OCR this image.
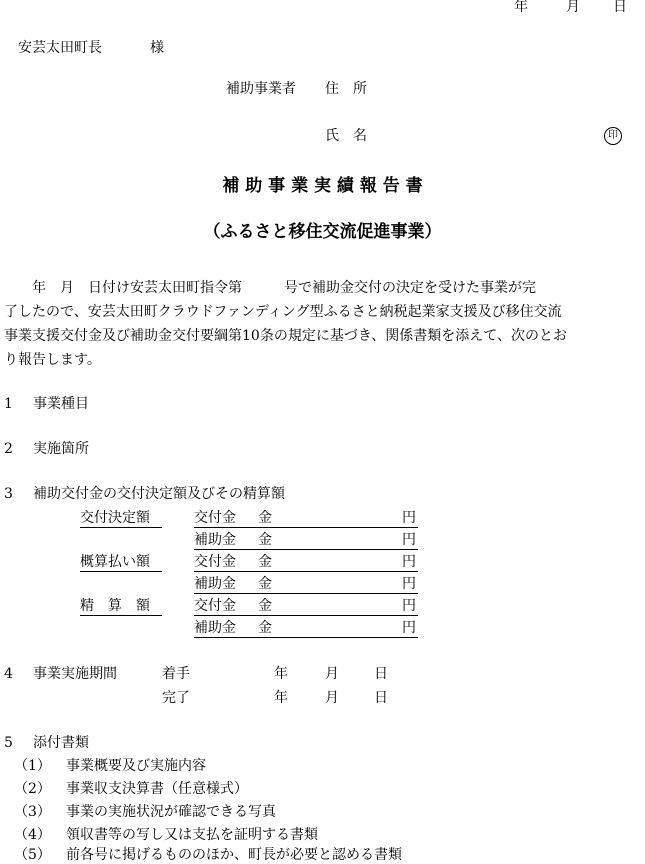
年	月 日
安芸太田町長	様
補助事業者 住　所
氏　名	印
補 助 事 業 実 績 報 告 書
（ふるさと移住交流促進事業）

　　年　月　日付け安芸太田町指令第　　　号で補助金交付の決定を受けた事業が完

了したので、安芸太田町クラウドファンディング型ふるさと納税起業家支援及び移住交流

事業支援交付金及び補助金交付要綱第10条の規定に基づき、関係書類を添えて、次のとお

り報告します。

1 事業種目
2 実施箇所
3 補助交付金の交付決定額及びその精算額
交付決定額	交付金 金	円
補助金 金	円
概算払い額	交付金 金	円
補助金 金	円
精　算　額	交付金 金	円
補助金 金	円
4 事業実施期間	着手	年	月	日
完了	年	月	日
5 添付書類
（1） 事業概要及び実施内容
（2） 事業収支決算書（任意様式）
（3） 事業の実施状況が確認できる写真
（4） 領収書等の写し又は支払を証明する書類
（5） 前各号に掲げるもののほか、町長が必要と認める書類
